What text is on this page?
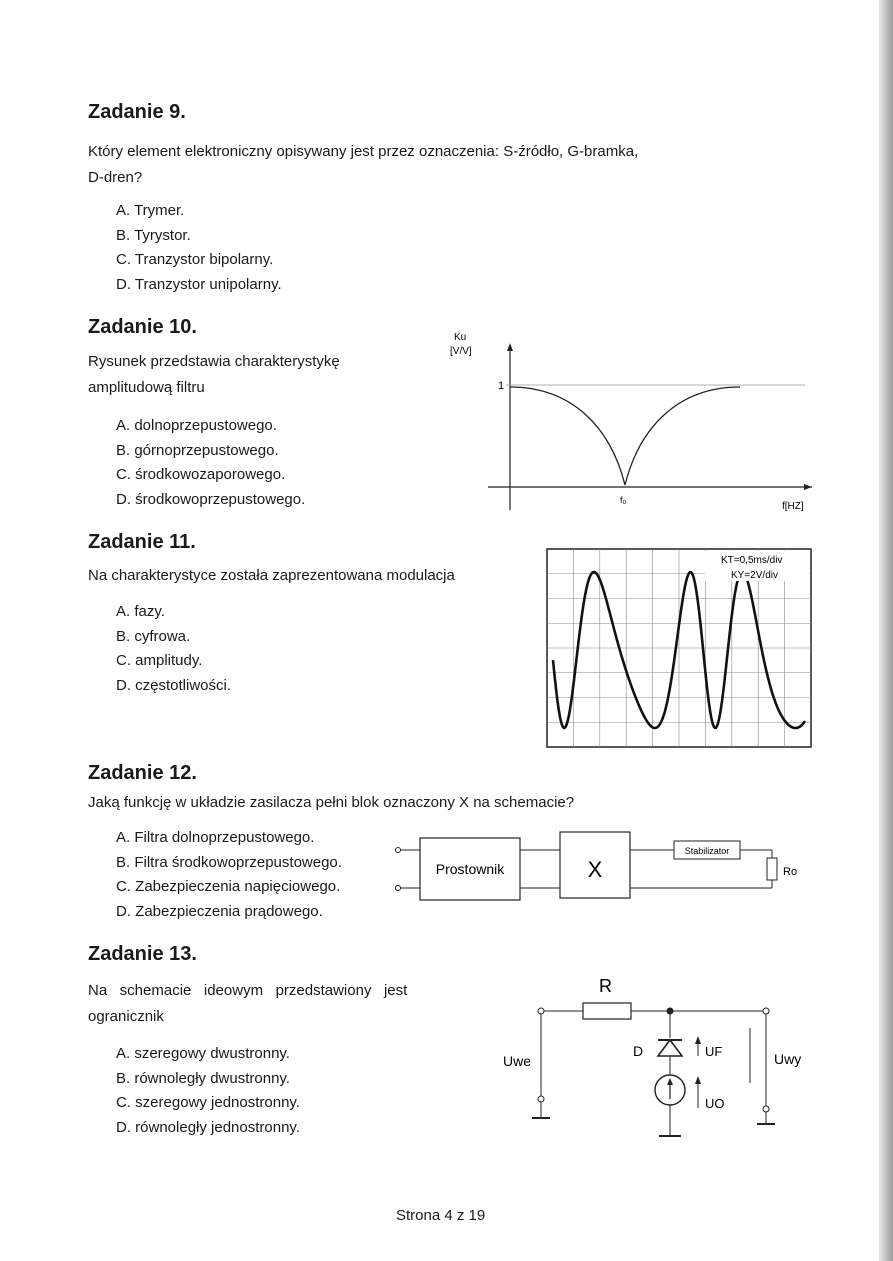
Zadanie 9.
Który element elektroniczny opisywany jest przez oznaczenia: S-źródło, G-bramka,
D-dren?
A. Trymer.
B. Tyrystor.
C. Tranzystor bipolarny.
D. Tranzystor unipolarny.
Zadanie 10.
Rysunek przedstawia charakterystykę
amplitudową filtru
A. dolnoprzepustowego.
B. górnoprzepustowego.
C. środkowozaporowego.
D. środkowoprzepustowego.
Ku
[V/V]
1
f₀
f[HZ]
Zadanie 11.
Na charakterystyce została zaprezentowana modulacja
A. fazy.
B. cyfrowa.
C. amplitudy.
D. częstotliwości.
KT=0,5ms/div
KY=2V/div
Zadanie 12.
Jaką funkcję w układzie zasilacza pełni blok oznaczony X na schemacie?
A. Filtra dolnoprzepustowego.
B. Filtra środkowoprzepustowego.
C. Zabezpieczenia napięciowego.
D. Zabezpieczenia prądowego.
Prostownik	X
Stabilizator
Ro
Zadanie 13.
Na   schemacie   ideowym   przedstawiony   jest
ogranicznik
A. szeregowy dwustronny.
B. równoległy dwustronny.
C. szeregowy jednostronny.
D. równoległy jednostronny.
R
Uwe
D	UF
UO
Uwy
Strona 4 z 19
